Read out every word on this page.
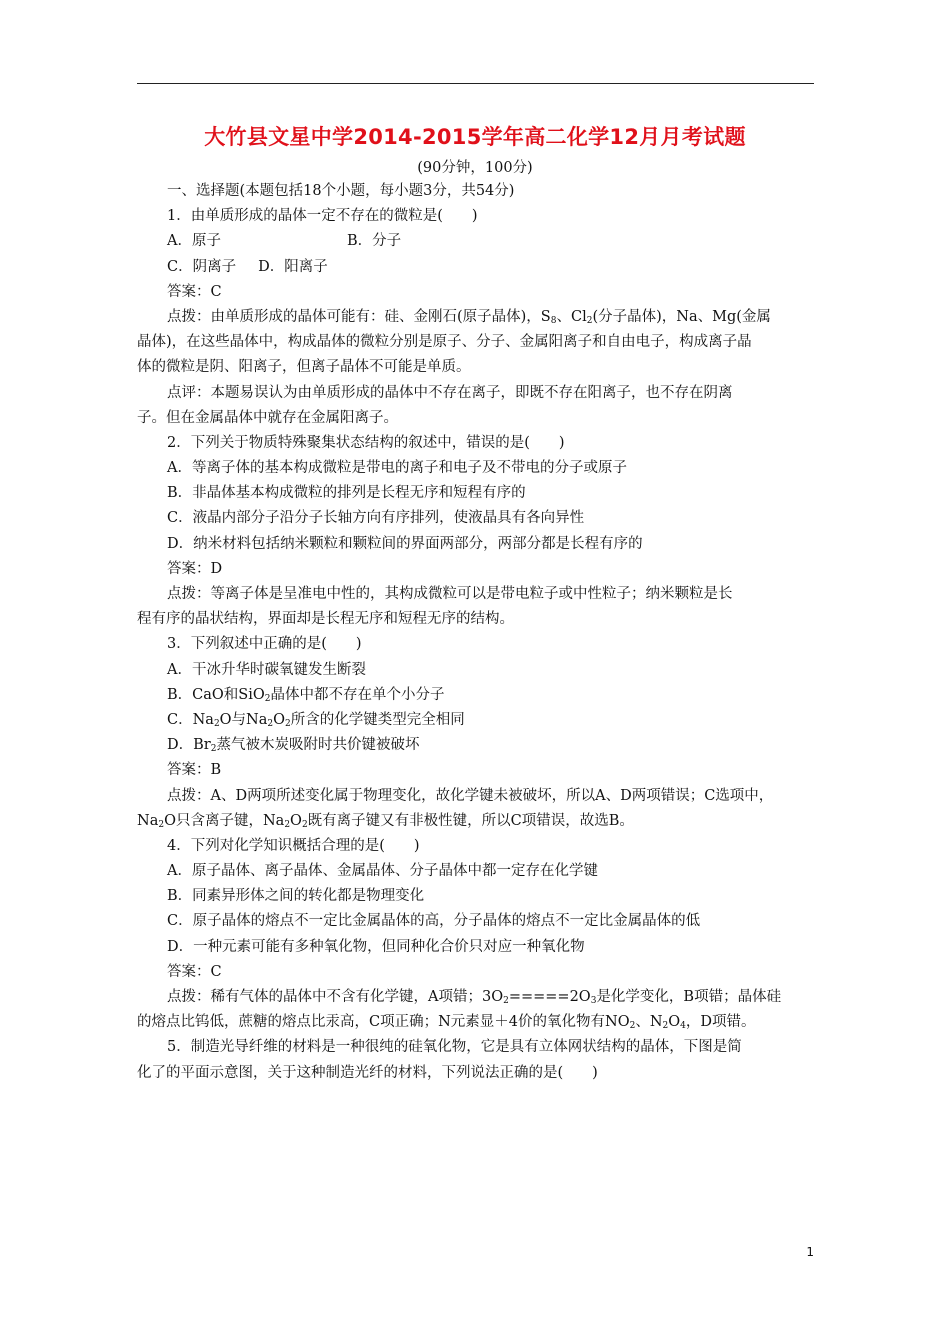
大竹县文星中学2014-2015学年高二化学12月月考试题
(90分钟，100分)
一、选择题(本题包括18个小题，每小题3分，共54分)
1．由单质形成的晶体一定不存在的微粒是(　　)
A．原子	B．分子
C．阴离子 D．阳离子
答案：C
点拨：由单质形成的晶体可能有：硅、金刚石(原子晶体)，$S_8$、$Cl_2$(分子晶体)，Na、Mg(金属
晶体)，在这些晶体中，构成晶体的微粒分别是原子、分子、金属阳离子和自由电子，构成离子晶
体的微粒是阴、阳离子，但离子晶体不可能是单质。
点评：本题易误认为由单质形成的晶体中不存在离子，即既不存在阳离子，也不存在阴离
子。但在金属晶体中就存在金属阳离子。
2．下列关于物质特殊聚集状态结构的叙述中，错误的是(　　)
A．等离子体的基本构成微粒是带电的离子和电子及不带电的分子或原子
B．非晶体基本构成微粒的排列是长程无序和短程有序的
C．液晶内部分子沿分子长轴方向有序排列，使液晶具有各向异性
D．纳米材料包括纳米颗粒和颗粒间的界面两部分，两部分都是长程有序的
答案：D
点拨：等离子体是呈准电中性的，其构成微粒可以是带电粒子或中性粒子；纳米颗粒是长
程有序的晶状结构，界面却是长程无序和短程无序的结构。
3．下列叙述中正确的是(　　)
A．干冰升华时碳氧键发生断裂
B．CaO和SiO$_2$晶体中都不存在单个小分子
C．$Na_2O$与$Na_2O_2$所含的化学键类型完全相同
D．$Br_2$蒸气被木炭吸附时共价键被破坏
答案：B
点拨：A、D两项所述变化属于物理变化，故化学键未被破坏，所以A、D两项错误；C选项中，
$Na_2O$只含离子键，$Na_2O_2$既有离子键又有非极性键，所以C项错误，故选B。
4．下列对化学知识概括合理的是(　　)
A．原子晶体、离子晶体、金属晶体、分子晶体中都一定存在化学键
B．同素异形体之间的转化都是物理变化
C．原子晶体的熔点不一定比金属晶体的高，分子晶体的熔点不一定比金属晶体的低
D．一种元素可能有多种氧化物，但同种化合价只对应一种氧化物
答案：C
点拨：稀有气体的晶体中不含有化学键，A项错；$3O_2=====2O_3$是化学变化，B项错；晶体硅
的熔点比钨低，蔗糖的熔点比汞高，C项正确；N元素显＋4价的氧化物有$NO_2$、$N_2O_4$，D项错。
5．制造光导纤维的材料是一种很纯的硅氧化物，它是具有立体网状结构的晶体，下图是简
化了的平面示意图，关于这种制造光纤的材料，下列说法正确的是(　　)
1
